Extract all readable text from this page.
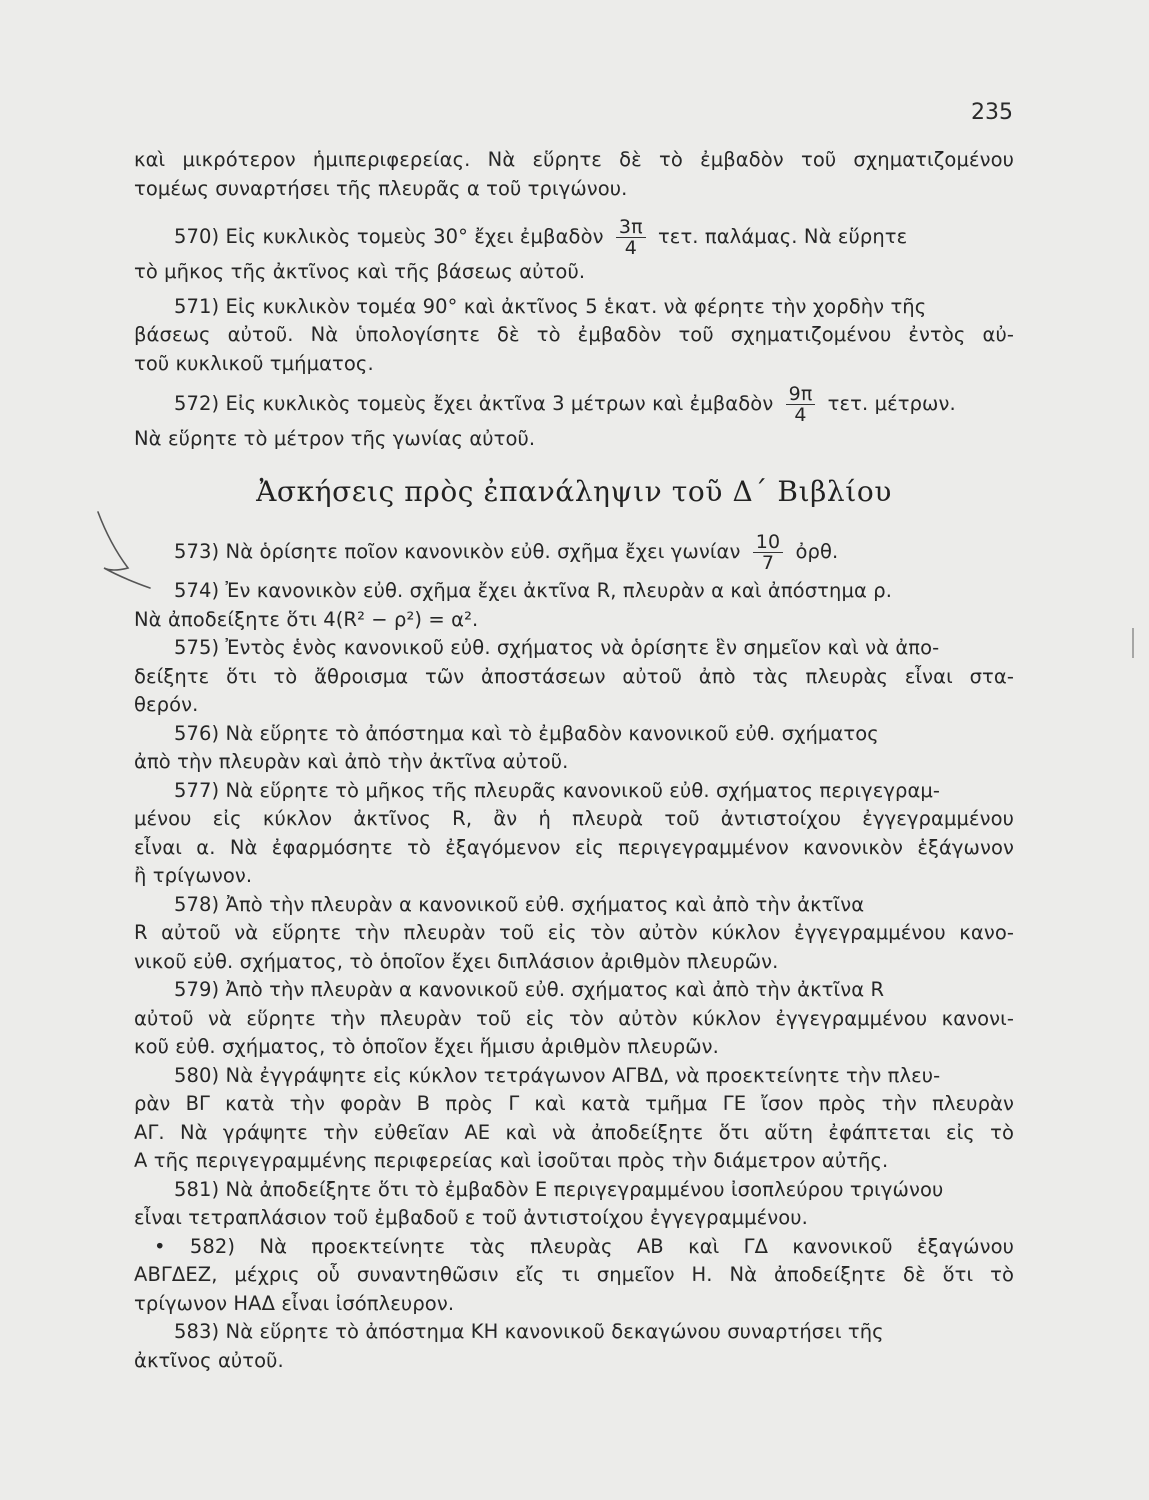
235
καὶ μικρότερον ἡμιπεριφερείας. Νὰ εὕρητε δὲ τὸ ἐμβαδὸν τοῦ σχηματιζομένου
τομέως συναρτήσει τῆς πλευρᾶς α τοῦ τριγώνου.
570) Εἰς κυκλικὸς τομεὺς 30° ἔχει ἐμβαδὸν $\frac{3\pi}{4} \tau\varepsilon\tau$. παλάμας. Νὰ εὕρητε
τὸ μῆκος τῆς ἀκτῖνος καὶ τῆς βάσεως αὐτοῦ.
571) Εἰς κυκλικὸν τομέα 90° καὶ ἀκτῖνος 5 ἑκατ. νὰ φέρητε τὴν χορδὴν τῆς
βάσεως αὐτοῦ. Νὰ ὑπολογίσητε δὲ τὸ ἐμβαδὸν τοῦ σχηματιζομένου ἐντὸς αὐ-
τοῦ κυκλικοῦ τμήματος.
572) Εἰς κυκλικὸς τομεὺς ἔχει ἀκτῖνα 3 μέτρων καὶ ἐμβαδὸν $\frac{9\pi}{4} \tau\varepsilon\tau$. μέτρων.
Νὰ εὕρητε τὸ μέτρον τῆς γωνίας αὐτοῦ.
Ἀσκήσεις πρὸς ἐπανάληψιν τοῦ Δ΄ Βιβλίου
573) Νὰ ὁρίσητε ποῖον κανονικὸν εὐθ. σχῆμα ἔχει γωνίαν $\frac{10}{7}$ ὀρθ.
574) Ἐν κανονικὸν εὐθ. σχῆμα ἔχει ἀκτῖνα R, πλευρὰν α καὶ ἀπόστημα ρ.
Νὰ ἀποδείξητε ὅτι 4(R² − ρ²) = α².
575) Ἐντὸς ἑνὸς κανονικοῦ εὐθ. σχήματος νὰ ὁρίσητε ἓν σημεῖον καὶ νὰ ἀπο-
δείξητε ὅτι τὸ ἄθροισμα τῶν ἀποστάσεων αὐτοῦ ἀπὸ τὰς πλευρὰς εἶναι στα-
θερόν.
576) Νὰ εὕρητε τὸ ἀπόστημα καὶ τὸ ἐμβαδὸν κανονικοῦ εὐθ. σχήματος
ἀπὸ τὴν πλευρὰν καὶ ἀπὸ τὴν ἀκτῖνα αὐτοῦ.
577) Νὰ εὕρητε τὸ μῆκος τῆς πλευρᾶς κανονικοῦ εὐθ. σχήματος περιγεγραμ-
μένου εἰς κύκλον ἀκτῖνος R, ἂν ἡ πλευρὰ τοῦ ἀντιστοίχου ἐγγεγραμμένου
εἶναι α. Νὰ ἐφαρμόσητε τὸ ἐξαγόμενον εἰς περιγεγραμμένον κανονικὸν ἑξάγωνον
ἢ τρίγωνον.
578) Ἀπὸ τὴν πλευρὰν α κανονικοῦ εὐθ. σχήματος καὶ ἀπὸ τὴν ἀκτῖνα
R αὐτοῦ νὰ εὕρητε τὴν πλευρὰν τοῦ εἰς τὸν αὐτὸν κύκλον ἐγγεγραμμένου κανο-
νικοῦ εὐθ. σχήματος, τὸ ὁποῖον ἔχει διπλάσιον ἀριθμὸν πλευρῶν.
579) Ἀπὸ τὴν πλευρὰν α κανονικοῦ εὐθ. σχήματος καὶ ἀπὸ τὴν ἀκτῖνα R
αὐτοῦ νὰ εὕρητε τὴν πλευρὰν τοῦ εἰς τὸν αὐτὸν κύκλον ἐγγεγραμμένου κανονι-
κοῦ εὐθ. σχήματος, τὸ ὁποῖον ἔχει ἥμισυ ἀριθμὸν πλευρῶν.
580) Νὰ ἐγγράψητε εἰς κύκλον τετράγωνον ΑΓΒΔ, νὰ προεκτείνητε τὴν πλευ-
ρὰν ΒΓ κατὰ τὴν φορὰν Β πρὸς Γ καὶ κατὰ τμῆμα ΓΕ ἴσον πρὸς τὴν πλευρὰν
ΑΓ. Νὰ γράψητε τὴν εὐθεῖαν ΑΕ καὶ νὰ ἀποδείξητε ὅτι αὕτη ἐφάπτεται εἰς τὸ
Α τῆς περιγεγραμμένης περιφερείας καὶ ἰσοῦται πρὸς τὴν διάμετρον αὐτῆς.
581) Νὰ ἀποδείξητε ὅτι τὸ ἐμβαδὸν Ε περιγεγραμμένου ἰσοπλεύρου τριγώνου
εἶναι τετραπλάσιον τοῦ ἐμβαδοῦ ε τοῦ ἀντιστοίχου ἐγγεγραμμένου.
• 582) Νὰ προεκτείνητε τὰς πλευρὰς ΑΒ καὶ ΓΔ κανονικοῦ ἑξαγώνου
ΑΒΓΔΕΖ, μέχρις οὗ συναντηθῶσιν εἴς τι σημεῖον Η. Νὰ ἀποδείξητε δὲ ὅτι τὸ
τρίγωνον ΗΑΔ εἶναι ἰσόπλευρον.
583) Νὰ εὕρητε τὸ ἀπόστημα ΚΗ κανονικοῦ δεκαγώνου συναρτήσει τῆς
ἀκτῖνος αὐτοῦ.
